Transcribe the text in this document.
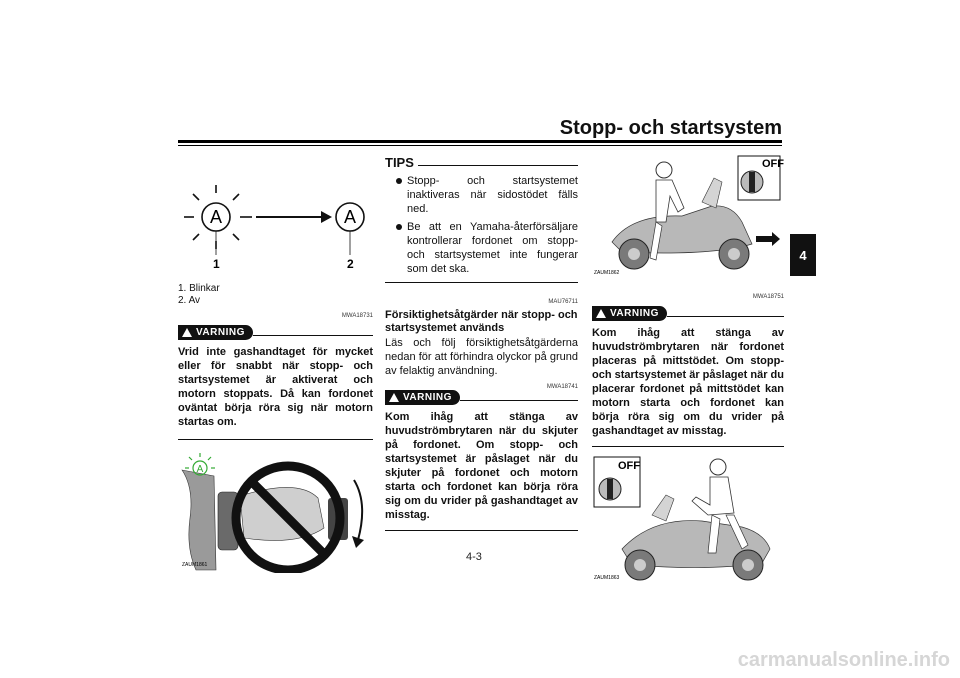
Stopp- och startsystem
4
A	A
1	2
1. Blinkar
2. Av
MWA18731
VARNING
Vrid inte gashandtaget för mycket eller för snabbt när stopp- och startsystemet är aktiverat och motorn stoppats. Då kan fordonet oväntat börja röra sig när motorn startas om.
A
ZAUM1861
TIPS
Stopp- och startsystemet inaktiveras när sidostödet fälls ned.
Be att en Yamaha-återförsäljare kontrollerar fordonet om stopp- och startsystemet inte fungerar som det ska.
MAU76711
Försiktighetsåtgärder när stopp- och startsystemet används
Läs och följ försiktighetsåtgärderna nedan för att förhindra olyckor på grund av felaktig användning.
MWA18741
VARNING
Kom ihåg att stänga av huvudströmbrytaren när du skjuter på fordonet. Om stopp- och startsystemet är påslaget när du skjuter på fordonet och motorn starta och fordonet kan börja röra sig om du vrider på gashandtaget av misstag.
OFF
ZAUM1862
MWA18751
VARNING
Kom ihåg att stänga av huvudströmbrytaren när fordonet placeras på mittstödet. Om stopp- och startsystemet är påslaget när du placerar fordonet på mittstödet kan motorn starta och fordonet kan börja röra sig om du vrider på gashandtaget av misstag.
OFF
ZAUM1863
4-3
carmanualsonline.info
